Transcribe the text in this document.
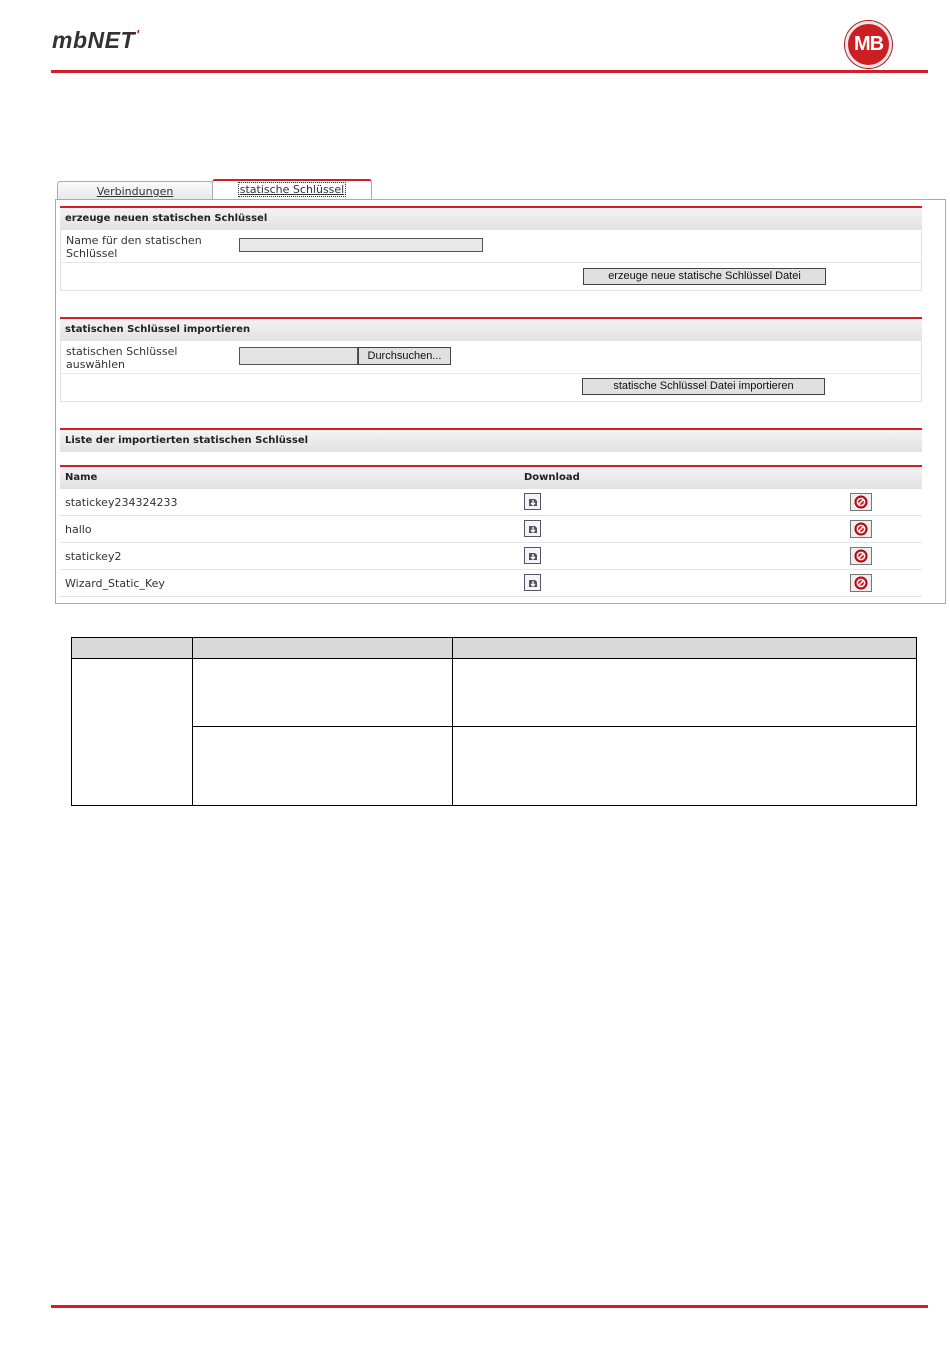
mbNET'	MB
Verbindungen	statische Schlüssel
erzeuge neuen statischen Schlüssel
Name für den statischen Schlüssel
erzeuge neue statische Schlüssel Datei
statischen Schlüssel importieren
statischen Schlüssel auswählen
Durchsuchen...
statische Schlüssel Datei importieren
Liste der importierten statischen Schlüssel
Name	Download
statickey234324233
hallo
statickey2
Wizard_Static_Key
